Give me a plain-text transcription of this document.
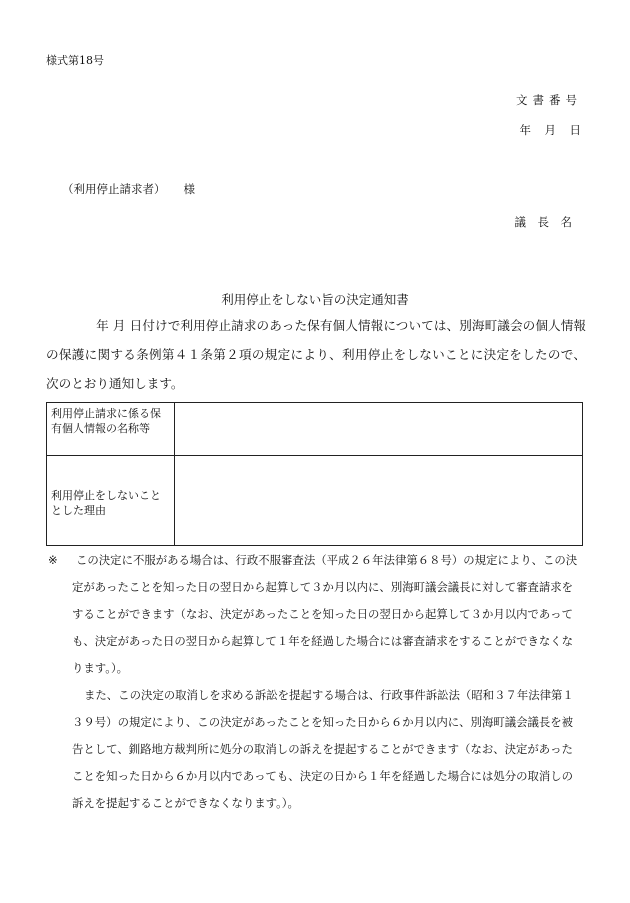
様式第18号
文書番号
年　月　日
（利用停止請求者） 様
議　長　名
利用停止をしない旨の決定通知書
年 月 日付けで利用停止請求のあった保有個人情報については、別海町議会の個人情報の保護に関する条例第４１条第２項の規定により、利用停止をしないことに決定をしたので、次のとおり通知します。
利用停止請求に係る保有個人情報の名称等	
利用停止をしないこととした理由	

※ この決定に不服がある場合は、行政不服審査法（平成２６年法律第６８号）の規定により、この決定があったことを知った日の翌日から起算して３か月以内に、別海町議会議長に対して審査請求をすることができます（なお、決定があったことを知った日の翌日から起算して３か月以内であっても、決定があった日の翌日から起算して１年を経過した場合には審査請求をすることができなくなります。）。

また、この決定の取消しを求める訴訟を提起する場合は、行政事件訴訟法（昭和３７年法律第１３９号）の規定により、この決定があったことを知った日から６か月以内に、別海町議会議長を被告として、釧路地方裁判所に処分の取消しの訴えを提起することができます（なお、決定があったことを知った日から６か月以内であっても、決定の日から１年を経過した場合には処分の取消しの訴えを提起することができなくなります。）。
